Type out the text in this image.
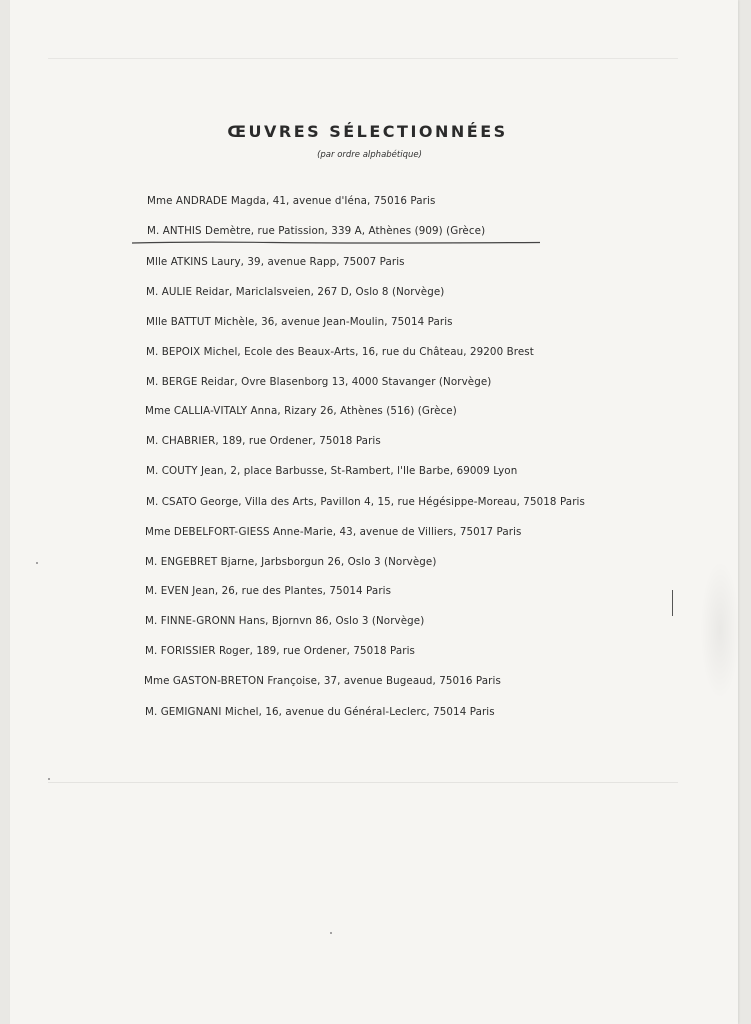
ŒUVRES SÉLECTIONNÉES
(par ordre alphabétique)
Mme ANDRADE Magda, 41, avenue d'Iéna, 75016 Paris
M. ANTHIS Demètre, rue Patission, 339 A, Athènes (909) (Grèce)
Mlle ATKINS Laury, 39, avenue Rapp, 75007 Paris
M. AULIE Reidar, Mariclalsveien, 267 D, Oslo 8 (Norvège)
Mlle BATTUT Michèle, 36, avenue Jean-Moulin, 75014 Paris
M. BEPOIX Michel, Ecole des Beaux-Arts, 16, rue du Château, 29200 Brest
M. BERGE Reidar, Ovre Blasenborg 13, 4000 Stavanger (Norvège)
Mme CALLIA-VITALY Anna, Rizary 26, Athènes (516) (Grèce)
M. CHABRIER, 189, rue Ordener, 75018 Paris
M. COUTY Jean, 2, place Barbusse, St-Rambert, l'Ile Barbe, 69009 Lyon
M. CSATO George, Villa des Arts, Pavillon 4, 15, rue Hégésippe-Moreau, 75018 Paris
Mme DEBELFORT-GIESS Anne-Marie, 43, avenue de Villiers, 75017 Paris
M. ENGEBRET Bjarne, Jarbsborgun 26, Oslo 3 (Norvège)
M. EVEN Jean, 26, rue des Plantes, 75014 Paris
M. FINNE-GRONN Hans, Bjornvn 86, Oslo 3 (Norvège)
M. FORISSIER Roger, 189, rue Ordener, 75018 Paris
Mme GASTON-BRETON Françoise, 37, avenue Bugeaud, 75016 Paris
M. GEMIGNANI Michel, 16, avenue du Général-Leclerc, 75014 Paris
